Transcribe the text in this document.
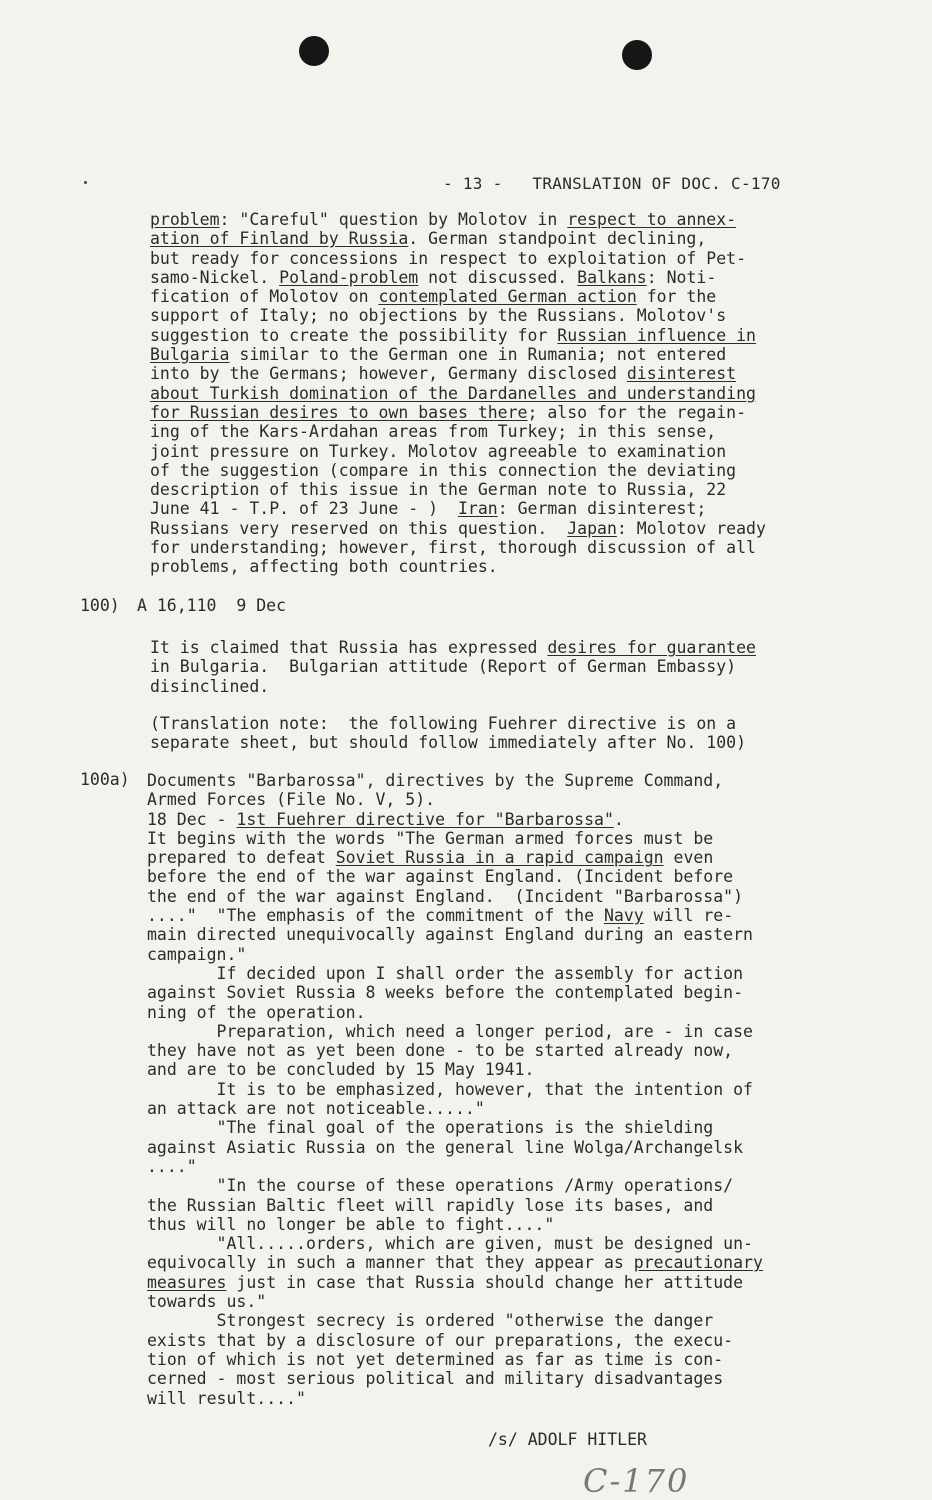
- 13 -   TRANSLATION OF DOC. C-170
problem: "Careful" question by Molotov in respect to annex-
ation of Finland by Russia. German standpoint declining,
but ready for concessions in respect to exploitation of Pet-
samo-Nickel. Poland-problem not discussed. Balkans: Noti-
fication of Molotov on contemplated German action for the
support of Italy; no objections by the Russians. Molotov's
suggestion to create the possibility for Russian influence in
Bulgaria similar to the German one in Rumania; not entered
into by the Germans; however, Germany disclosed disinterest
about Turkish domination of the Dardanelles and understanding
for Russian desires to own bases there; also for the regain-
ing of the Kars-Ardahan areas from Turkey; in this sense,
joint pressure on Turkey. Molotov agreeable to examination
of the suggestion (compare in this connection the deviating
description of this issue in the German note to Russia, 22
June 41 - T.P. of 23 June - )  Iran: German disinterest;
Russians very reserved on this question.  Japan: Molotov ready
for understanding; however, first, thorough discussion of all
problems, affecting both countries.
100) A 16,110  9 Dec
It is claimed that Russia has expressed desires for guarantee
in Bulgaria.  Bulgarian attitude (Report of German Embassy)
disinclined.
(Translation note:  the following Fuehrer directive is on a
separate sheet, but should follow immediately after No. 100)
100a) Documents "Barbarossa", directives by the Supreme Command,
Armed Forces (File No. V, 5).
18 Dec - 1st Fuehrer directive for "Barbarossa".
It begins with the words "The German armed forces must be
prepared to defeat Soviet Russia in a rapid campaign even
before the end of the war against England. (Incident before
the end of the war against England.  (Incident "Barbarossa")
...."  "The emphasis of the commitment of the Navy will re-
main directed unequivocally against England during an eastern
campaign."
If decided upon I shall order the assembly for action
against Soviet Russia 8 weeks before the contemplated begin-
ning of the operation.
Preparation, which need a longer period, are - in case
they have not as yet been done - to be started already now,
and are to be concluded by 15 May 1941.
It is to be emphasized, however, that the intention of
an attack are not noticeable....."
"The final goal of the operations is the shielding
against Asiatic Russia on the general line Wolga/Archangelsk
...."
"In the course of these operations /Army operations/
the Russian Baltic fleet will rapidly lose its bases, and
thus will no longer be able to fight...."
"All.....orders, which are given, must be designed un-
equivocally in such a manner that they appear as precautionary
measures just in case that Russia should change her attitude
towards us."
Strongest secrecy is ordered "otherwise the danger
exists that by a disclosure of our preparations, the execu-
tion of which is not yet determined as far as time is con-
cerned - most serious political and military disadvantages
will result...."
/s/ ADOLF HITLER
C-170
